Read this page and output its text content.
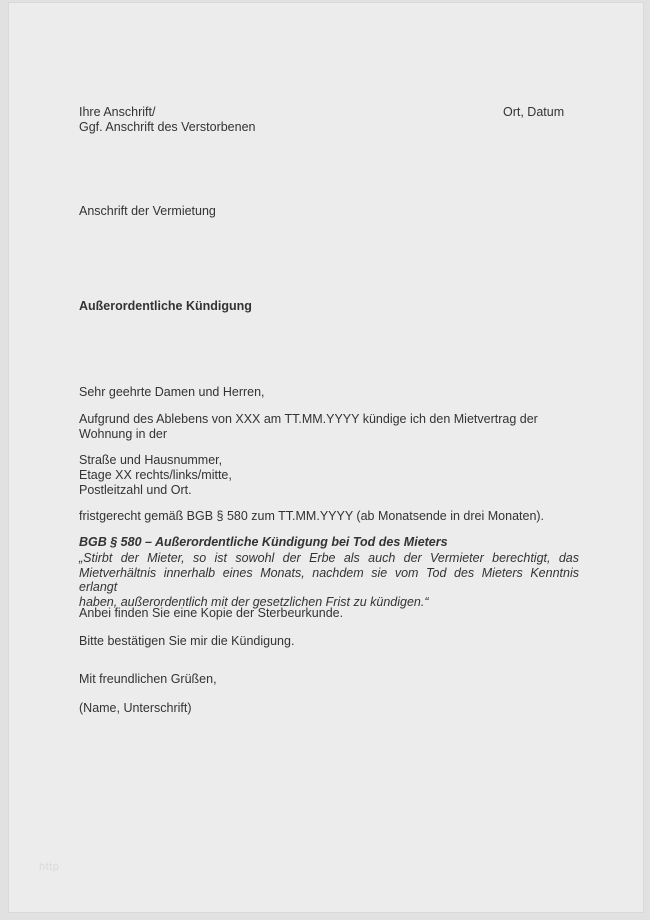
Ihre Anschrift/
Ggf. Anschrift des Verstorbenen
Ort, Datum
Anschrift der Vermietung
Außerordentliche Kündigung
Sehr geehrte Damen und Herren,
Aufgrund des Ablebens von XXX am TT.MM.YYYY kündige ich den Mietvertrag der
Wohnung in der
Straße und Hausnummer,
Etage XX rechts/links/mitte,
Postleitzahl und Ort.
fristgerecht gemäß BGB § 580 zum TT.MM.YYYY (ab Monatsende in drei Monaten).
BGB § 580 – Außerordentliche Kündigung bei Tod des Mieters
„Stirbt der Mieter, so ist sowohl der Erbe als auch der Vermieter berechtigt, das
Mietverhältnis innerhalb eines Monats, nachdem sie vom Tod des Mieters Kenntnis erlangt
haben, außerordentlich mit der gesetzlichen Frist zu kündigen.“
Anbei finden Sie eine Kopie der Sterbeurkunde.
Bitte bestätigen Sie mir die Kündigung.
Mit freundlichen Grüßen,
(Name, Unterschrift)
http
